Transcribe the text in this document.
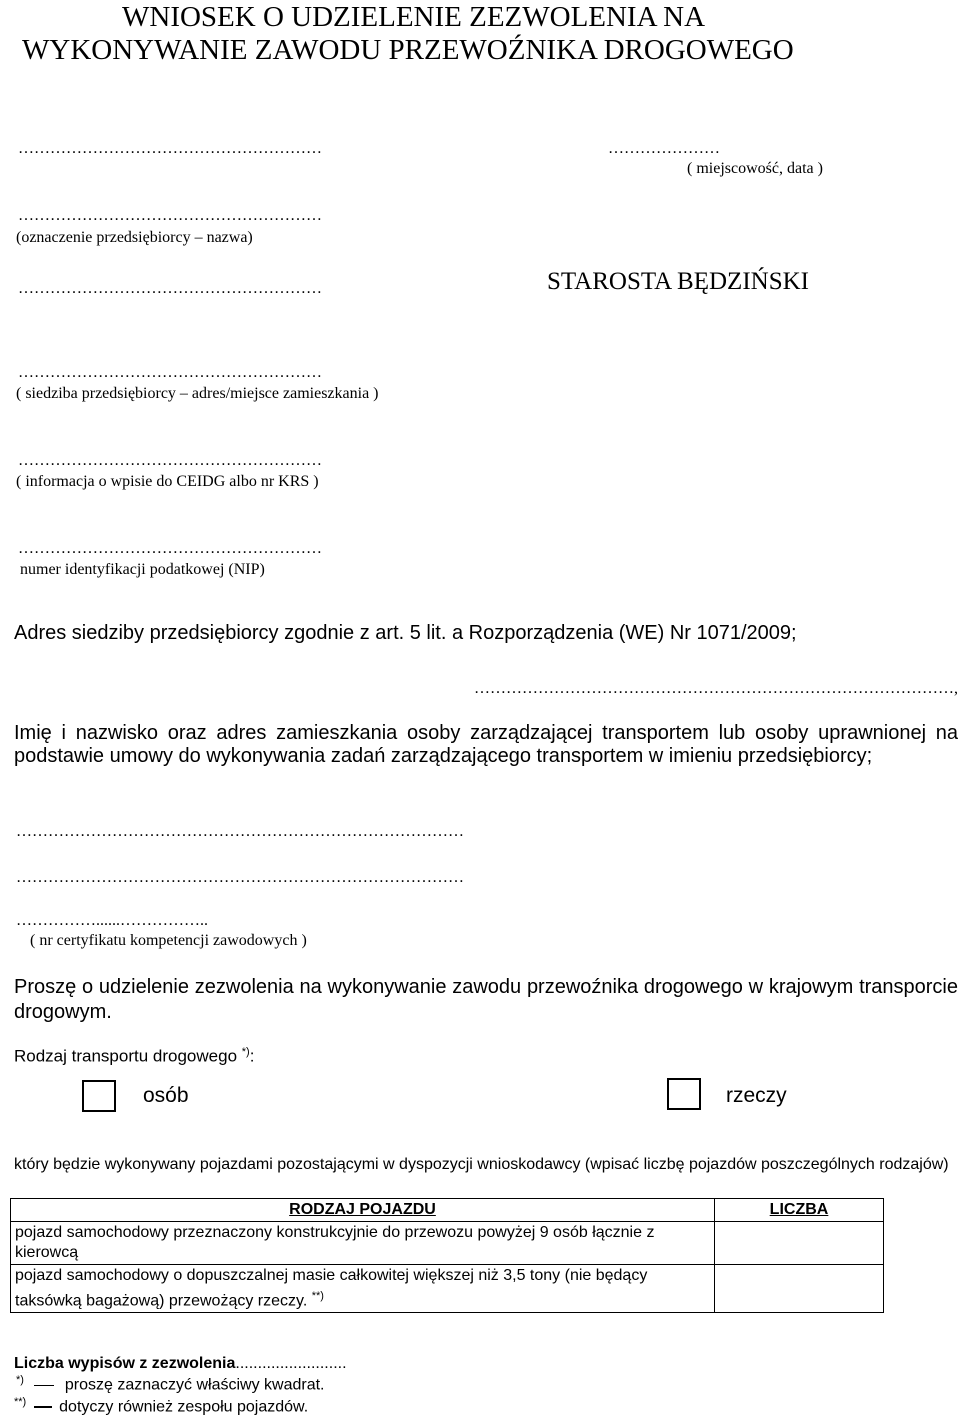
WNIOSEK O UDZIELENIE ZEZWOLENIA NA
WYKONYWANIE ZAWODU PRZEWOŹNIKA DROGOWEGO
…………………………………………………	…………………
( miejscowość, data )
…………………………………………………
(oznaczenie przedsiębiorcy – nazwa)
…………………………………………………	STAROSTA BĘDZIŃSKI
…………………………………………………
( siedziba przedsiębiorcy – adres/miejsce zamieszkania )
…………………………………………………
( informacja o wpisie do CEIDG albo nr KRS )
…………………………………………………
numer identyfikacji podatkowej (NIP)
Adres siedziby przedsiębiorcy zgodnie z art. 5 lit. a Rozporządzenia (WE) Nr 1071/2009;
………………………………………………………………………………,
Imię i nazwisko oraz adres zamieszkania osoby zarządzającej transportem lub osoby uprawnionej na podstawie umowy do wykonywania zadań zarządzającego transportem w imieniu przedsiębiorcy;
…………………………………………………………………………
…………………………………………………………………………
……………......……………..
( nr certyfikatu kompetencji zawodowych )
Proszę o udzielenie zezwolenia na wykonywanie zawodu przewoźnika drogowego w krajowym transporcie drogowym.
Rodzaj transportu drogowego *):
osób	rzeczy
który będzie wykonywany pojazdami pozostającymi w dyspozycji wnioskodawcy (wpisać liczbę pojazdów poszczególnych rodzajów)
RODZAJ POJAZDU	LICZBA
pojazd samochodowy przeznaczony konstrukcyjnie do przewozu powyżej 9 osób łącznie z kierowcą	
pojazd samochodowy o dopuszczalnej masie całkowitej większej niż 3,5 tony (nie będący taksówką bagażową) przewożący rzeczy. **)	
Liczba wypisów z zezwolenia.........................
*)	proszę zaznaczyć właściwy kwadrat.
**) dotyczy również zespołu pojazdów.
